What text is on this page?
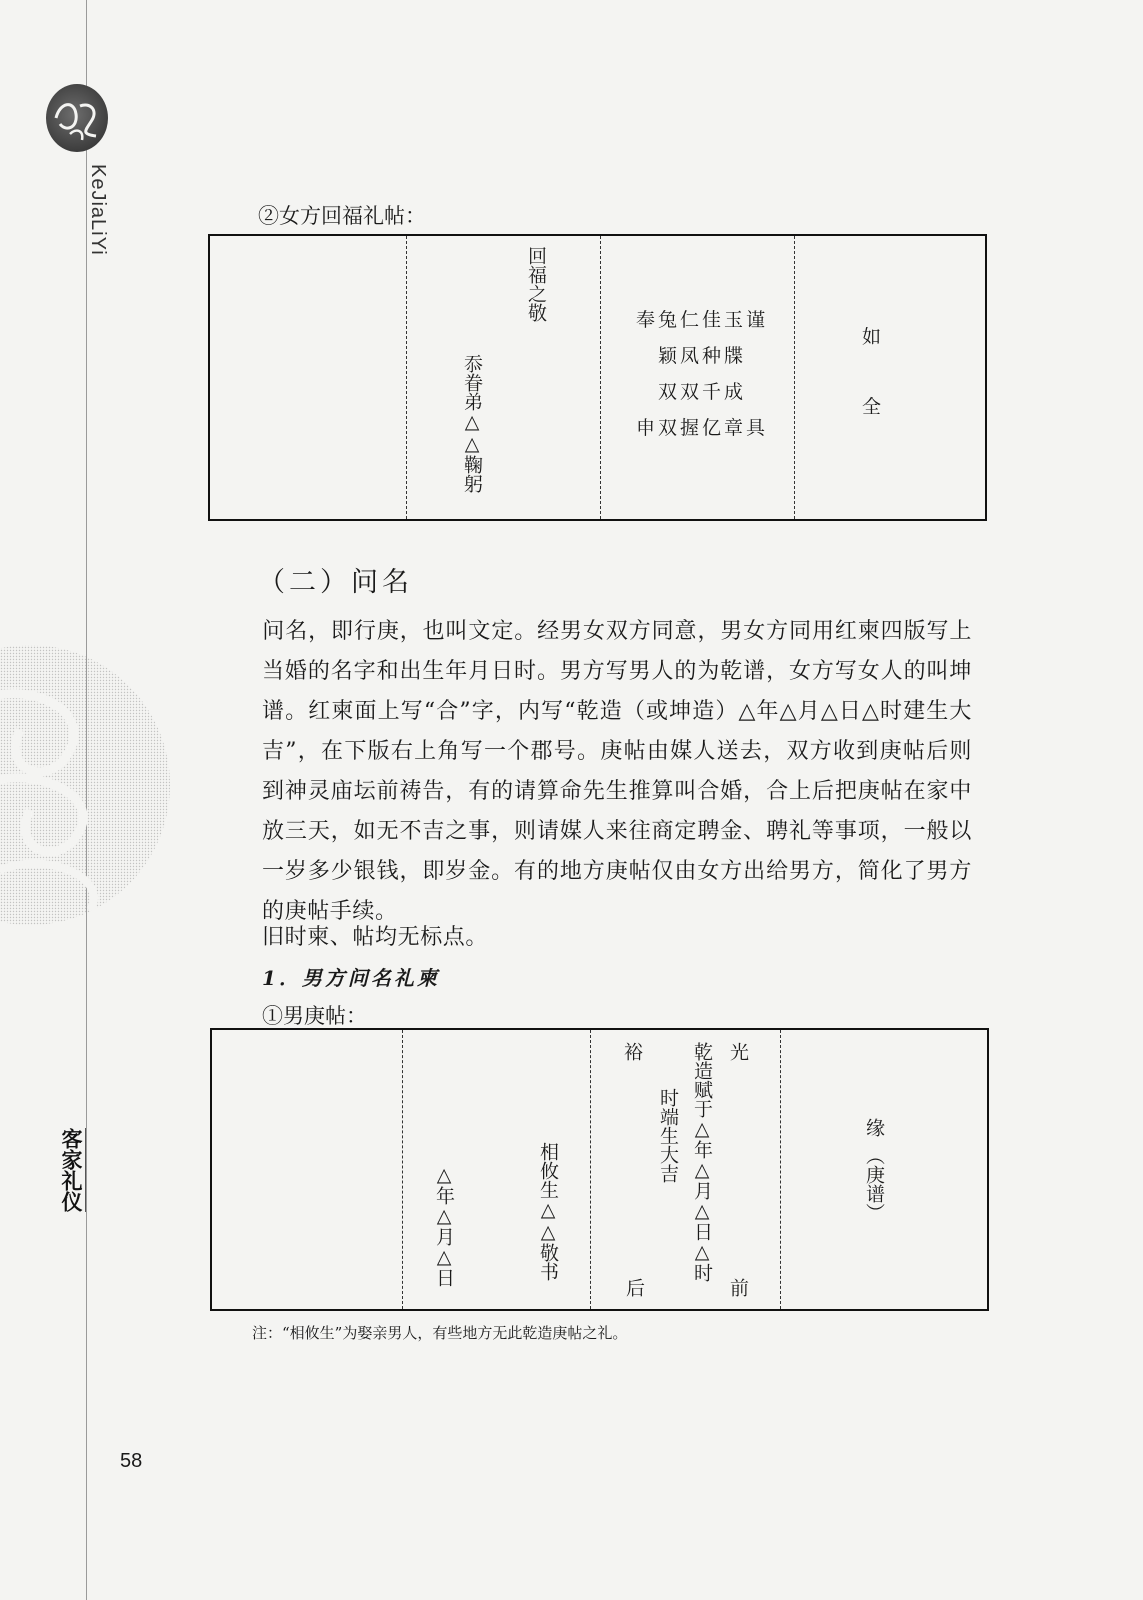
KeJiaLiYi
客家礼仪
②女方回福礼帖：
回福之敬
忝眷弟△△鞠躬
奉兔仁佳玉谨
颖凤种牒
双双千成
申双握亿章具
如
全
（二）问名
问名，即行庚，也叫文定。经男女双方同意，男女方同用红柬四版写上当婚的名字和出生年月日时。男方写男人的为乾谱，女方写女人的叫坤谱。红柬面上写“合”字，内写“乾造（或坤造）△年△月△日△时建生大吉”，在下版右上角写一个郡号。庚帖由媒人送去，双方收到庚帖后则到神灵庙坛前祷告，有的请算命先生推算叫合婚，合上后把庚帖在家中放三天，如无不吉之事，则请媒人来往商定聘金、聘礼等事项，一般以一岁多少银钱，即岁金。有的地方庚帖仅由女方出给男方，简化了男方的庚帖手续。
旧时柬、帖均无标点。
1．男方问名礼柬
①男庚帖：
△年△月△日	相攸生△△敬书
裕
时端生大吉
后
乾造赋于△年△月△日△时 光
前
缘
（庚谱）
注：“相攸生”为娶亲男人，有些地方无此乾造庚帖之礼。
58
